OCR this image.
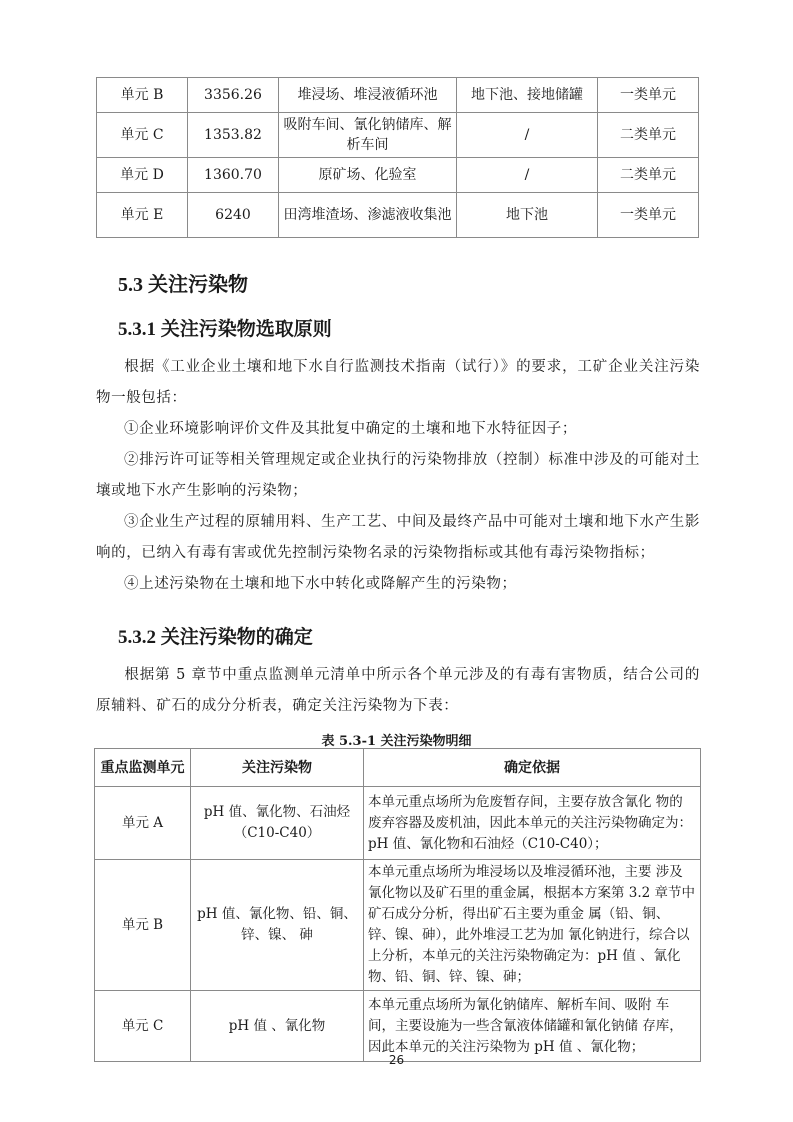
单元 B	3356.26	堆浸场、堆浸液循环池	地下池、接地储罐	一类单元
单元 C	1353.82	吸附车间、氰化钠储库、解析车间	/	二类单元
单元 D	1360.70	原矿场、化验室	/	二类单元
单元 E	6240	田湾堆渣场、渗滤液收集池	地下池	一类单元
5.3 关注污染物
5.3.1 关注污染物选取原则
根据《工业企业土壤和地下水自行监测技术指南（试行）》的要求，工矿企业关注污染物一般包括：
①企业环境影响评价文件及其批复中确定的土壤和地下水特征因子；
②排污许可证等相关管理规定或企业执行的污染物排放（控制）标准中涉及的可能对土壤或地下水产生影响的污染物；
③企业生产过程的原辅用料、生产工艺、中间及最终产品中可能对土壤和地下水产生影响的，已纳入有毒有害或优先控制污染物名录的污染物指标或其他有毒污染物指标；
④上述污染物在土壤和地下水中转化或降解产生的污染物；
5.3.2 关注污染物的确定
根据第 5 章节中重点监测单元清单中所示各个单元涉及的有毒有害物质，结合公司的原辅料、矿石的成分分析表，确定关注污染物为下表：
表 5.3-1 关注污染物明细
重点监测单元	关注污染物	确定依据
单元 A	pH 值、氰化物、石油烃（C10-C40）	本单元重点场所为危废暂存间，主要存放含氰化 物的废弃容器及废机油，因此本单元的关注污染物确定为：pH 值、氰化物和石油烃（C10-C40）；
单元 B	pH 值、氰化物、铅、铜、锌、镍、 砷	本单元重点场所为堆浸场以及堆浸循环池，主要 涉及氰化物以及矿石里的重金属，根据本方案第 3.2 章节中矿石成分分析，得出矿石主要为重金 属（铅、铜、锌、镍、砷），此外堆浸工艺为加 氰化钠进行，综合以上分析，本单元的关注污染物确定为：pH 值 、氰化物、铅、铜、锌、镍、砷；
单元 C	pH 值 、氰化物	本单元重点场所为氰化钠储库、解析车间、吸附 车间，主要设施为一些含氰液体储罐和氰化钠储 存库，因此本单元的关注污染物为 pH 值 、氰化物；
26
